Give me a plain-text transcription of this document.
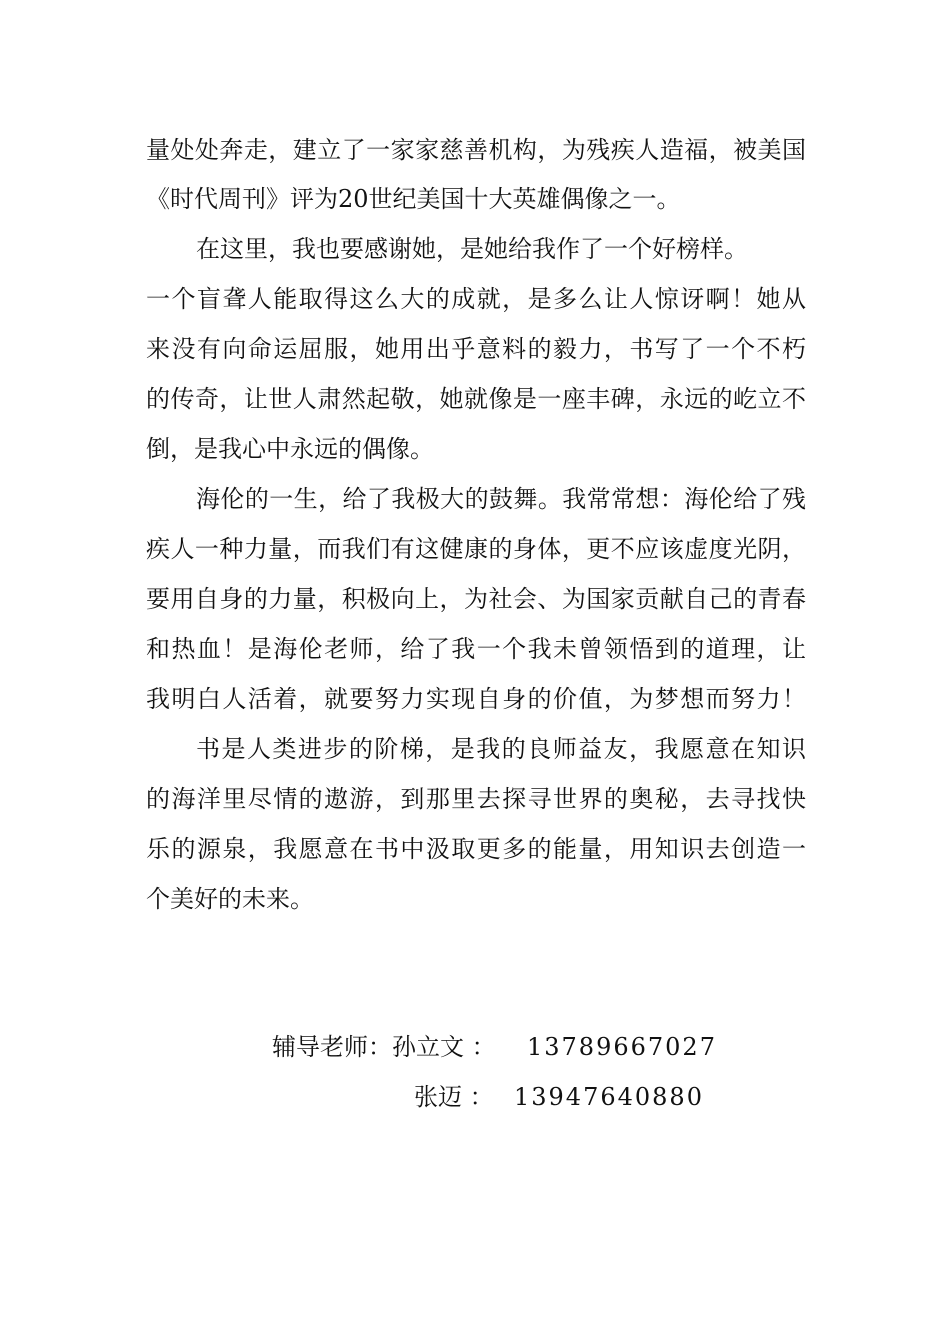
量处处奔走，建立了一家家慈善机构，为残疾人造福，被美国
《时代周刊》评为20世纪美国十大英雄偶像之一。
在这里，我也要感谢她，是她给我作了一个好榜样。
一个盲聋人能取得这么大的成就，是多么让人惊讶啊！她从
来没有向命运屈服，她用出乎意料的毅力，书写了一个不朽
的传奇，让世人肃然起敬，她就像是一座丰碑，永远的屹立不
倒，是我心中永远的偶像。
海伦的一生，给了我极大的鼓舞。我常常想：海伦给了残
疾人一种力量，而我们有这健康的身体，更不应该虚度光阴，
要用自身的力量，积极向上，为社会、为国家贡献自己的青春
和热血！是海伦老师，给了我一个我未曾领悟到的道理，让
我明白人活着，就要努力实现自身的价值，为梦想而努力！
书是人类进步的阶梯，是我的良师益友，我愿意在知识
的海洋里尽情的遨游，到那里去探寻世界的奥秘，去寻找快
乐的源泉，我愿意在书中汲取更多的能量，用知识去创造一
个美好的未来。
辅导老师：孙立文 ： 13789667027
张迈 ： 13947640880
